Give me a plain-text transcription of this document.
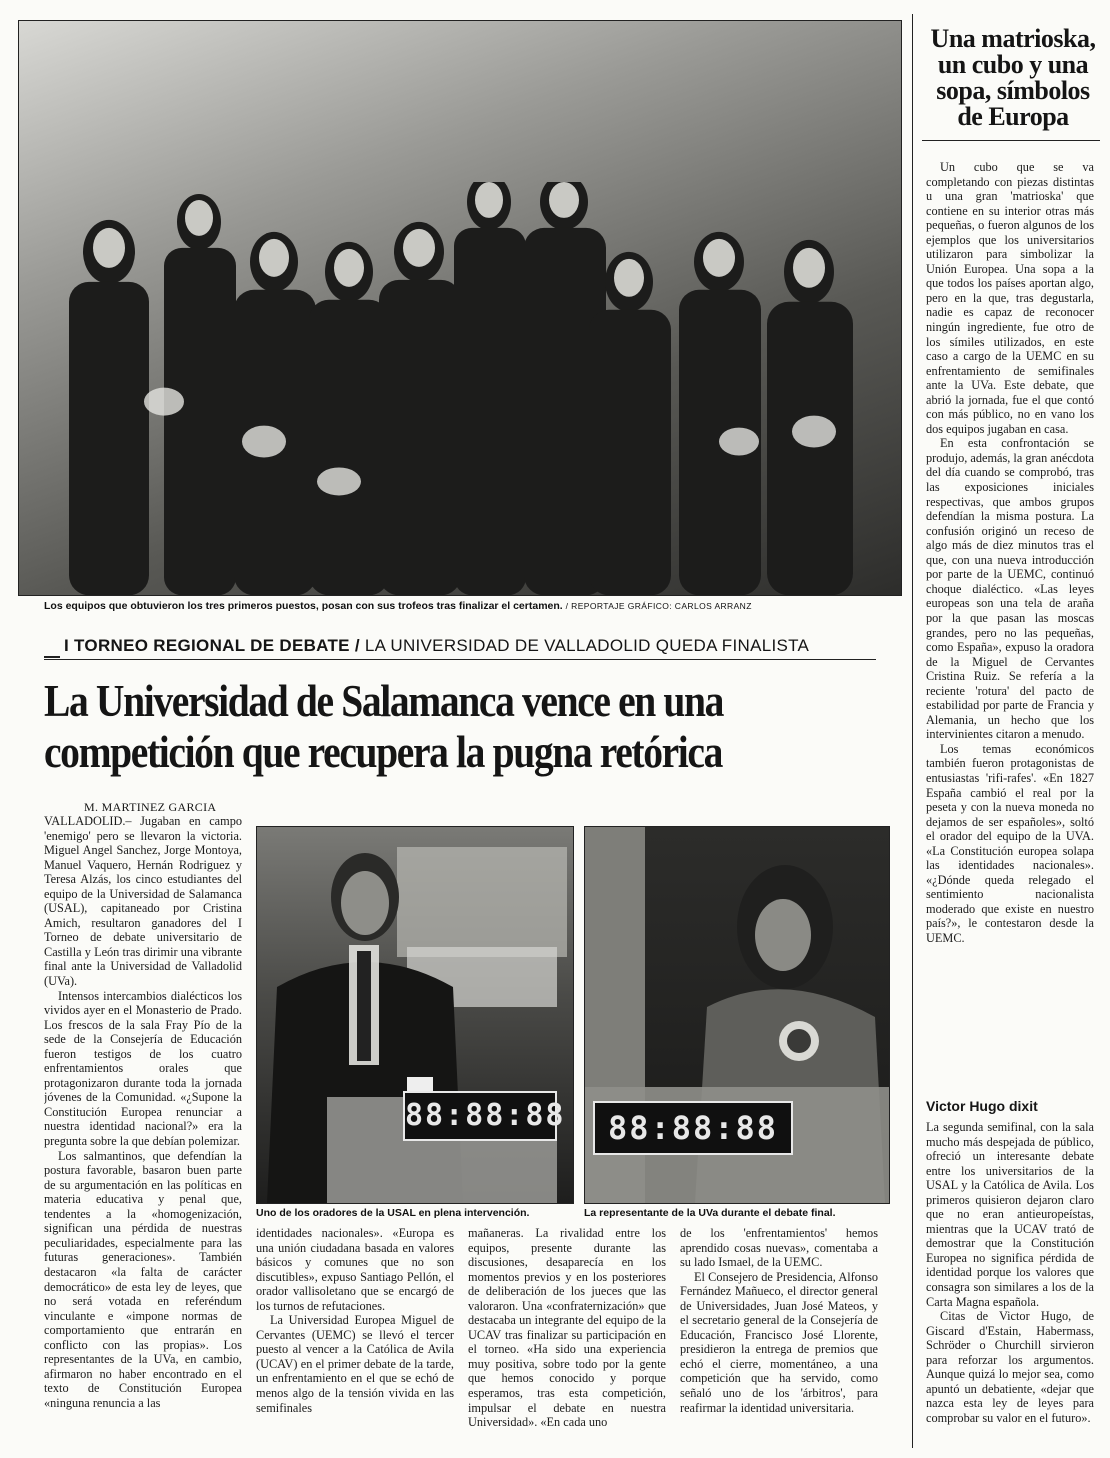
Los equipos que obtuvieron los tres primeros puestos, posan con sus trofeos tras finalizar el certamen. / REPORTAJE GRÁFICO: CARLOS ARRANZ
I TORNEO REGIONAL DE DEBATE / LA UNIVERSIDAD DE VALLADOLID QUEDA FINALISTA
La Universidad de Salamanca vence en una
competición que recupera la pugna retórica
M. MARTINEZ GARCIA

VALLADOLID.– Jugaban en campo 'enemigo' pero se llevaron la victoria. Miguel Angel Sanchez, Jorge Montoya, Manuel Vaquero, Hernán Rodriguez y Teresa Alzás, los cinco estudiantes del equipo de la Universidad de Salamanca (USAL), capitaneado por Cristina Amich, resultaron ganadores del I Torneo de debate universitario de Castilla y León tras dirimir una vibrante final ante la Universidad de Valladolid (UVa).

Intensos intercambios dialécticos los vividos ayer en el Monasterio de Prado. Los frescos de la sala Fray Pío de la sede de la Consejería de Educación fueron testigos de los cuatro enfrentamientos orales que protagonizaron durante toda la jornada jóvenes de la Comunidad. «¿Supone la Constitución Europea renunciar a nuestra identidad nacional?» era la pregunta sobre la que debían polemizar.

Los salmantinos, que defendían la postura favorable, basaron buen parte de su argumentación en las políticas en materia educativa y penal que, tendentes a la «homogenización, significan una pérdida de nuestras peculiaridades, especialmente para las futuras generaciones». También destacaron «la falta de carácter democrático» de esta ley de leyes, que no será votada en referéndum vinculante e «impone normas de comportamiento que entrarán en conflicto con las propias». Los representantes de la UVa, en cambio, afirmaron no haber encontrado en el texto de Constitución Europea «ninguna renuncia a las

88:88:88
Uno de los oradores de la USAL en plena intervención.
88:88:88
La representante de la UVa durante el debate final.

identidades nacionales». «Europa es una unión ciudadana basada en valores básicos y comunes que no son discutibles», expuso Santiago Pellón, el orador vallisoletano que se encargó de los turnos de refutaciones.

La Universidad Europea Miguel de Cervantes (UEMC) se llevó el tercer puesto al vencer a la Católica de Avila (UCAV) en el primer debate de la tarde, un enfrentamiento en el que se echó de menos algo de la tensión vivida en las semifinales

mañaneras. La rivalidad entre los equipos, presente durante las discusiones, desaparecía en los momentos previos y en los posteriores de deliberación de los jueces que las valoraron. Una «confraternización» que destacaba un integrante del equipo de la UCAV tras finalizar su participación en el torneo. «Ha sido una experiencia muy positiva, sobre todo por la gente que hemos conocido y porque esperamos, tras esta competición, impulsar el debate en nuestra Universidad». «En cada uno

de los 'enfrentamientos' hemos aprendido cosas nuevas», comentaba a su lado Ismael, de la UEMC.

El Consejero de Presidencia, Alfonso Fernández Mañueco, el director general de Universidades, Juan José Mateos, y el secretario general de la Consejería de Educación, Francisco José Llorente, presidieron la entrega de premios que echó el cierre, momentáneo, a una competición que ha servido, como señaló uno de los 'árbitros', para reafirmar la identidad universitaria.

Una matrioska, un cubo y una sopa, símbolos de Europa

Un cubo que se va completando con piezas distintas u una gran 'matrioska' que contiene en su interior otras más pequeñas, o fueron algunos de los ejemplos que los universitarios utilizaron para simbolizar la Unión Europea. Una sopa a la que todos los países aportan algo, pero en la que, tras degustarla, nadie es capaz de reconocer ningún ingrediente, fue otro de los símiles utilizados, en este caso a cargo de la UEMC en su enfrentamiento de semifinales ante la UVa. Este debate, que abrió la jornada, fue el que contó con más público, no en vano los dos equipos jugaban en casa.

En esta confrontación se produjo, además, la gran anécdota del día cuando se comprobó, tras las exposiciones iniciales respectivas, que ambos grupos defendían la misma postura. La confusión originó un receso de algo más de diez minutos tras el que, con una nueva introducción por parte de la UEMC, continuó choque dialéctico. «Las leyes europeas son una tela de araña por la que pasan las moscas grandes, pero no las pequeñas, como España», expuso la oradora de la Miguel de Cervantes Cristina Ruiz. Se refería a la reciente 'rotura' del pacto de estabilidad por parte de Francia y Alemania, un hecho que los intervinientes citaron a menudo.

Los temas económicos también fueron protagonistas de entusiastas 'rifi-rafes'. «En 1827 España cambió el real por la peseta y con la nueva moneda no dejamos de ser españoles», soltó el orador del equipo de la UVA. «La Constitución europea solapa las identidades nacionales». «¿Dónde queda relegado el sentimiento nacionalista moderado que existe en nuestro país?», le contestaron desde la UEMC.

Victor Hugo dixit

La segunda semifinal, con la sala mucho más despejada de público, ofreció un interesante debate entre los universitarios de la USAL y la Católica de Avila. Los primeros quisieron dejaron claro que no eran antieuropeístas, mientras que la UCAV trató de demostrar que la Constitución Europea no significa pérdida de identidad porque los valores que consagra son similares a los de la Carta Magna española.

Citas de Victor Hugo, de Giscard d'Estain, Habermass, Schröder o Churchill sirvieron para reforzar los argumentos. Aunque quizá lo mejor sea, como apuntó un debatiente, «dejar que nazca esta ley de leyes para comprobar su valor en el futuro».
